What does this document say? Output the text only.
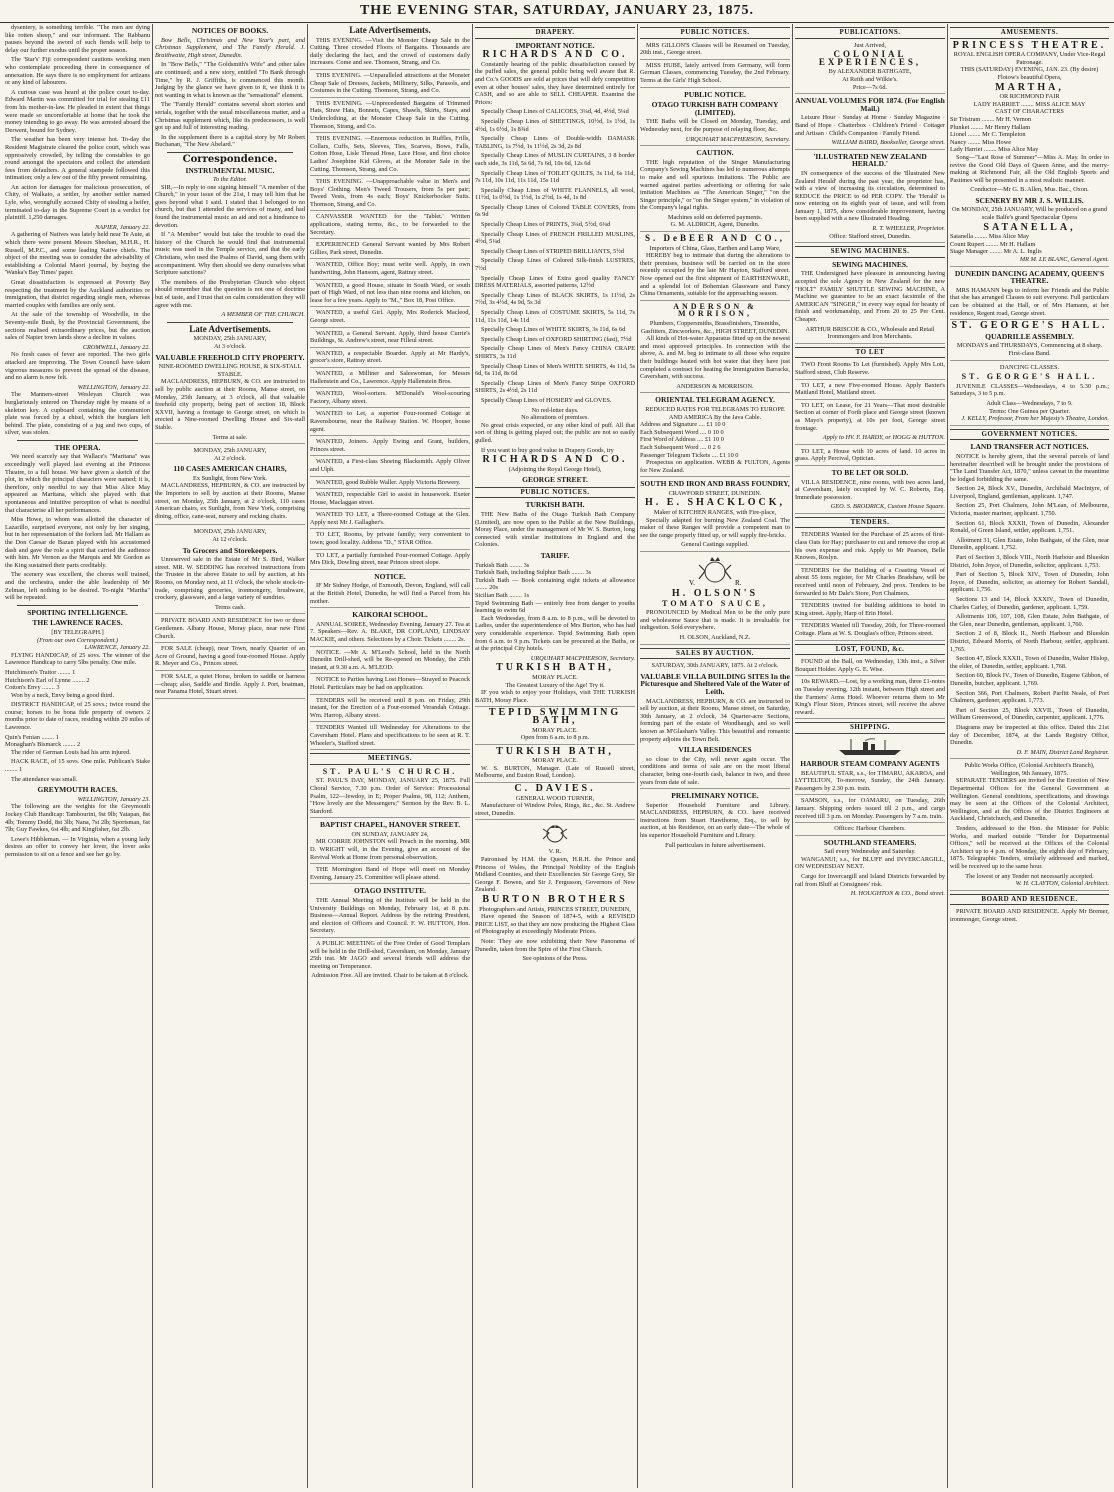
THE EVENING STAR, SATURDAY, JANUARY 23, 1875.

dysentery, is something terrible. "The men are dying like rotten sheep," and our informant. The Rabbanu pauses beyond the sword of such fiends will help to delay our further exodus until the proper season.

The 'Star's' Fiji correspondent cautions working men who contemplate proceeding there in consequence of annexation. He says there is no employment for artizans or any kind of labourers.

A curious case was heard at the police court to-day. Edward Martin was committed for trial for stealing £11 from his mother-in-law. He pleaded in extent that things were made so uncomfortable at home that he took the money intending to go away. He was arrested aboard the Derwent, bound for Sydney.

The weather has been very intense hot. To-day the Resident Magistrate cleared the police court, which was oppressively crowded, by telling the constables to go round amongst the spectators and collect the attendant fees from defaulters. A general stampede followed this intimation; only a few out of the fifty present remaining.

An action for damages for malicious prosecution, of Chity, of Walkato, a settler, by another settler named Lyle, who, wrongfully accused Chity of stealing a heifer, terminated to-day in the Supreme Court in a verdict for plaintiff. 1,250 damages.

NAPIER, January 22.

A gathering of Natives was lately held near Te Aute, at which there were present Messrs Sheehan, M.H.R., H. Russell, M.P.C., and some leading Native chiefs. The object of the meeting was to consider the advisability of establishing a Colonial Maori journal, by buying the 'Wanka's Bay Times' paper.

Great dissatisfaction is expressed at Poverty Bay respecting the treatment by the Auckland authorities re immigration, that district regarding single men, whereas married couples with families are only sent.

At the sale of the township of Woodville, in the Seventy-mile Bush, by the Provincial Government, the sections realised extraordinary prices, but the auction sales of Napier town lands show a decline in values.

CROMWELL, January 22.

No fresh cases of fever are reported. The two girls attacked are improving. The Town Council have taken vigorous measures to prevent the spread of the disease, and no alarm is now felt.

WELLINGTON, January 22.

The Manners-street Wesleyan Church was burglariously entered on Thursday night by means of a skeleton key. A cupboard containing the communion plate was forced by a chisel, which the burglars left behind. The plate, consisting of a jug and two cups, of silver, was stolen.

THE OPERA.

We need scarcely say that Wallace's "Maritana" was exceedingly well played last evening at the Princess Theatre, to a full house. We have given a sketch of the plot, in which the principal characters were named; it is, therefore, only needful to say that Miss Alice May appeared as Maritana, which she played with that spontaneous and intuitive perception of what is needful that characterise all her performances.

Miss Howe, to whom was allotted the character of Lazarillo, surprised everyone, not only by her singing, but in her representation of the forlorn lad. Mr Hallam as the Don Caesar de Bazan played with his accustomed dash and gave the role a spirit that carried the audience with him. Mr Vernon as the Marquis and Mr Gordon as the King sustained their parts creditably.

The scenery was excellent, the chorus well trained, and the orchestra, under the able leadership of Mr Zelman, left nothing to be desired. To-night "Martha" will be repeated.

SPORTING INTELLIGENCE.
THE LAWRENCE RACES.
[BY TELEGRAPH.]
(From our own Correspondent.)
LAWRENCE, January 22.

FLYING HANDICAP, of 25 sovs. The winner of the Lawrence Handicap to carry 5lbs penalty. One mile.

Hutchinson's Traitor ........ 1
Hutchison's Earl of Lynne ........ 2
Cotton's Envy ........ 3

Won by a neck, Envy being a good third.

DISTRICT HANDICAP, of 25 sovs.; twice round the course; horses to be bona fide property of owners 2 months prior to date of races, residing within 20 miles of Lawrence.

Quin's Fenian ........ 1
Monaghan's Bismarck ........ 2

The rider of German Louis had his arm injured.

HACK RACE, of 15 sovs. One mile. Publican's Stake ........ 1

The attendance was small.

GREYMOUTH RACES.
WELLINGTON, January 23.

The following are the weights for the Greymouth Jockey Club Handicap: Tambourini, 9st 9lb; Yatapan, 8st 4lb; Tommy Dodd, 8st 3lb; Nana, 7st 2lb; Sportsman, 6st 7lb; Guy Fawkes, 6st 4lb; and Kingfisher, 6st 2lb.

Lowe's Hibbleman. — In Virginia, when a young lady desires an offer to convey her lover, the lover asks permission to sit on a fence and see her go by.

NOTICES OF BOOKS.

Bow Bells, Christmas and New Year's part, and Christmas Supplement, and The Family Herald. J. Braithwaite, High street, Dunedin.

In "Bow Bells," "The Goldsmith's Wife" and other tales are continued; and a new story, entitled "To Bank through Time," by R. J. Griffiths, is commenced this month. Judging by the glance we have given to it, we think it is not wanting in what is known as the "sensational" element.

The "Family Herald" contains several short stories and serials, together with the usual miscellaneous matter, and a Christmas supplement which, like its predecessors, is well got up and full of interesting reading.

In the supplement there is a capital story by Mr Robert Buchanan, "The New Abelard."

Correspondence.
INSTRUMENTAL MUSIC.
To the Editor.

SIR,—In reply to one signing himself "A member of the Church," in your issue of the 21st, I may tell him that he goes beyond what I said. I stated that I belonged to no church, but that I attended the services of many, and had found the instrumental music an aid and not a hindrance to devotion.

If "A Member" would but take the trouble to read the history of the Church he would find that instrumental music was used in the Temple service, and that the early Christians, who used the Psalms of David, sang them with accompaniment. Why then should we deny ourselves what Scripture sanctions?

The members of the Presbyterian Church who object should remember that the question is not one of doctrine but of taste, and I trust that on calm consideration they will agree with me.

A MEMBER OF THE CHURCH.
Late Advertisements.
MONDAY, 25th JANUARY,
At 3 o'clock.
VALUABLE FREEHOLD CITY PROPERTY.
NINE-ROOMED DWELLING HOUSE, & SIX-STALL STABLE.

MACLANDRESS, HEPBURN, & CO. are instructed to sell by public auction at their Rooms, Manse street, on Monday, 25th January, at 3 o'clock, all that valuable freehold city property, being part of section 18, Block XXVII, having a frontage to George street, on which is erected a Nine-roomed Dwelling House and Six-stall Stable.

Terms at sale.
MONDAY, 25th JANUARY,
At 2 o'clock.
110 CASES AMERICAN CHAIRS,
Ex Sunlight, from New York.

MACLANDRESS, HEPBURN, & CO. are instructed by the Importers to sell by auction at their Rooms, Manse street, on Monday, 25th January, at 2 o'clock, 110 cases American chairs, ex Sunlight, from New York, comprising dining, office, cane-seat, nursery and rocking chairs.

MONDAY, 25th JANUARY,
At 12 o'clock.
To Grocers and Storekeepers.

Unreserved sale in the Estate of Mr S. Bird, Walker street. MR. W. SEDDING has received instructions from the Trustee in the above Estate to sell by auction, at his Rooms, on Monday next, at 11 o'clock, the whole stock-in-trade, comprising groceries, ironmongery, brushware, crockery, glassware, and a large variety of sundries.

Terms cash.

PRIVATE BOARD AND RESIDENCE for two or three Gentlemen. Albany House, Moray place, near new First Church.

FOR SALE (cheap), near Town, nearly Quarter of an Acre of Ground, having a good four-roomed House. Apply R. Meyer and Co., Princes street.

FOR SALE, a quiet Horse, broken to saddle or harness—cheap; also, Saddle and Bridle. Apply J. Port, boatman, near Panama Hotel, Stuart street.

Late Advertisements.

THIS EVENING. —Visit the Monster Cheap Sale in the Cutting. Three crowded Floors of Bargains. Thousands are daily declaring the fact, and the crowd of customers daily increases. Come and see. Thomson, Strang, and Co.

THIS EVENING. —Unparalleled attractions at the Monster Cheap Sale of Dresses, Jackets, Millinery, Silks, Parasols, and Costumes in the Cutting. Thomson, Strang, and Co.

THIS EVENING. —Unprecedented Bargains of Trimmed Hats, Straw Hats, Bonnets, Capes, Shawls, Skirts, Stays, and Underclothing, at the Monster Cheap Sale in the Cutting. Thomson, Strang, and Co.

THIS EVENING. —Enormous reduction in Ruffles, Frills, Collars, Cuffs, Sets, Sleeves, Ties, Scarves, Bows, Falls, Cotton Hose, Lisle Thread Hose, Lace Hose, and first choice Ladies' Josephine Kid Gloves, at the Monster Sale in the Cutting. Thomson, Strang, and Co.

THIS EVENING. —Unapproachable value in Men's and Boys' Clothing. Men's Tweed Trousers, from 5s per pair; Tweed Vests, from 4s each; Boys' Knickerbocker Suits. Thomson, Strang, and Co.

CANVASSER WANTED for the 'Tablet.' Written applications, stating terms, &c., to be forwarded to the Secretary.

EXPERIENCED General Servant wanted by Mrs Robert Gillies, Park street, Dunedin.

WANTED, Office Boy; must write well. Apply, in own handwriting, John Hansom, agent, Rattray street.

WANTED, a good House, situate in South Ward, or south part of High Ward, of not less than nine rooms and kitchen, on lease for a few years. Apply to "M.," Box 18, Post Office.

WANTED, a useful Girl. Apply, Mrs Roderick Macleod, George street.

WANTED, a General Servant. Apply, third house Currie's Buildings, St. Andrew's street, near Filleul street.

WANTED, a respectable Boarder. Apply at Mr Hardy's, grocer's store, Rattray street.

WANTED, a Milliner and Saleswoman, for Messrs Hallenstein and Co., Lawrence. Apply Hallenstein Bros.

WANTED, Wool-sorters. M'Donald's Wool-scouring Factory, Albany street.

WANTED to Let, a superior Four-roomed Cottage at Ravensbourne, near the Railway Station. W. Hooper, house agent.

WANTED, Joiners. Apply Ewing and Grant, builders, Princes street.

WANTED, a First-class Shoeing Blacksmith. Apply Oliver and Ulph.

WANTED, good Rubble Waller. Apply Victoria Brewery.

WANTED, respectable Girl to assist in housework. Exeter House, Maclaggan street.

WANTED TO LET, a Three-roomed Cottage at the Glen. Apply next Mr J. Gallagher's.

TO LET, Rooms, by private family; very convenient to town; good locality. Address "D.," STAR Office.

TO LET, a partially furnished Four-roomed Cottage. Apply Mrs Dick, Dowling street, near Princes street slope.

NOTICE.

IF Mr Sidney Hodge, of Exmouth, Devon, England, will call at the British Hotel, Dunedin, he will find a Parcel from his mother.

KAIKORAI SCHOOL.

ANNUAL SOIREE, Wednesday Evening, January 27. Tea at 7. Speakers—Rev. A. BLAKE, DR COPLAND, LINDSAY MACKIE, and others. Selections by a Choir. Tickets ........ 2s.

NOTICE. —Mr A. M'Leod's School, held in the North Dunedin Drill-shed, will be Re-opened on Monday, the 25th instant, at 9.30 a.m. A. M'LEOD.

NOTICE to Parties having Lost Horses—Strayed to Peacock Hotel. Particulars may be had on application.

TENDERS will be received until 8 p.m. on Friday, 29th instant, for the Erection of a Four-roomed Verandah Cottage. Wm. Harrop, Albany street.

TENDERS Wanted till Wednesday for Alterations to the Caversham Hotel. Plans and specifications to be seen at R. T. Wheeler's, Stafford street.

MEETINGS.
ST. PAUL'S CHURCH.

ST. PAUL'S DAY, MONDAY, JANUARY 25, 1875. Full Choral Service, 7.30 p.m. Order of Service: Processional Psalm, 122—Jewdoy, in E; Proper Psalms, 98, 112; Anthem, "How lovely are the Messengers;" Sermon by the Rev. B. L. Stanford.

BAPTIST CHAPEL, HANOVER STREET.
ON SUNDAY, JANUARY 24,

MR CORRIE JOHNSTON will Preach in the morning. MR D. WRIGHT will, in the Evening, give an account of the Revival Work at Home from personal observation.

THE Mornington Band of Hope will meet on Monday Evening, January 25. Committee will please attend.

OTAGO INSTITUTE.

THE Annual Meeting of the Institute will be held in the University Buildings on Monday, February 1st, at 8 p.m. Business—Annual Report. Address by the retiring President, and election of Officers and Council. F. W. HUTTON, Hon. Secretary.

A PUBLIC MEETING of the Free Order of Good Templars will be held in the Drill-shed, Caversham, on Monday, January 25th inst. Mr JAGO and several friends will address the meeting on Temperance.

Admission Free. All are invited. Chair to be taken at 8 o'clock.
DRAPERY.
IMPORTANT NOTICE.
RICHARDS AND CO.

Constantly hearing of the public dissatisfaction caused by the puffed sales, the general public being well aware that R. and Co.'s GOODS are sold at prices that will defy competition even at other houses' sales, they have determined entirely for CASH, and so are able to SELL CHEAPER. Examine the Prices:

Specially Cheap Lines of CALICOES, 3¼d, 4d, 4½d, 5¼d

Specially Cheap Lines of SHEETINGS, 10½d, 1s 1½d, 1s 4½d, 1s 6½d, 1s 8¾d

Specially Cheap Lines of Double-width DAMASK TABLING, 1s 7½d, 1s 11½d, 2s 3d, 2s 8d

Specially Cheap Lines of MUSLIN CURTAINS, 3 8 border each side, 3s 11d, 5s 6d, 7s 6d, 10s 6d, 12s 6d

Specially Cheap Lines of TOILET QUILTS, 3s 11d, 6s 11d, 7s 11d, 10s 11d, 11s 11d, 15s 11d

Specially Cheap Lines of WHITE FLANNELS, all wool, 11½d, 1s 0½d, 1s 1½d, 1s 2½d, 1s 4d, 1s 8d

Specially Cheap Lines of Colored TABLE COVERS, from 6s 9d

Specially Cheap Lines of PRINTS, 3¼d, 5½d, 6¼d

Specially Cheap Lines of FRENCH FRILLED MUSLINS, 4½d, 5¼d

Specially Cheap Lines of STRIPED BRILLIANTS, 5½d

Specially Cheap Lines of Colored Silk-finish LUSTRES, 7½d

Specially Cheap Lines of Extra good quality FANCY DRESS MATERIALS, assorted patterns, 12½d

Specially Cheap Lines of BLACK SKIRTS, 1s 11½d, 2s 7½d, 3s 4½d, 4s 9d, 5s 3d

Specially Cheap Lines of COSTUME SKIRTS, 5s 11d, 7s 11d, 11s 11d, 14s 11d

Specially Cheap Lines of WHITE SKIRTS, 3s 11d, 6s 6d

Specially Cheap Lines of OXFORD SHIRTING (fast), 7½d

Specially Cheap Lines of Men's Fancy CHINA CRAPE SHIRTS, 3s 11d

Specially Cheap Lines of Men's WHITE SHIRTS, 4s 11d, 5s 6d, 6s 11d, 8s 6d

Specially Cheap Lines of Men's Fancy Stripe OXFORD SHIRTS, 2s 4½d, 2s 11d

Specially Cheap Lines of HOSIERY and GLOVES.

No red-letter days.
No alterations of premises.

No great crisis expected, or any other kind of puff. All that sort of thing is getting played out; the public are not so easily gulled.

If you want to buy good value in Drapery Goods, try

RICHARDS AND CO.
(Adjoining the Royal George Hotel),
GEORGE STREET.
PUBLIC NOTICES.
TURKISH BATH.

THE New Baths of the Otago Turkish Bath Company (Limited), are now open to the Public at the New Buildings, Moray Place, under the management of Mr W. S. Burton, long connected with similar institutions in England and the Colonies.

TARIFF.
Turkish Bath ........ 3s
Turkish Bath, including Sulphur Bath ........ 3s
Turkish Bath — Book containing eight tickets at allowance ........ 20s
Sicilian Bath ........ 1s
Tepid Swimming Bath — entirely free from danger to youths learning to swim 6d

Each Wednesday, from 8 a.m. to 8 p.m., will be devoted to Ladies, under the superintendence of Mrs Burton, who has had very considerable experience. Tepid Swimming Bath open from 6 a.m. to 9 p.m. Tickets can be procured at the Baths, or at the principal City hotels.

URQUHART MACPHERSON, Secretary.
TURKISH BATH,
MORAY PLACE.
The Greatest Luxury of the Age! Try it.

IF you wish to enjoy your Holidays, visit THE TURKISH BATH, Moray Place.

TEPID SWIMMING BATH,
MORAY PLACE.
Open from 6 a.m. to 8 p.m.
TURKISH BATH,
MORAY PLACE.

W. S. BURTON, Manager. (Late of Russell street, Melbourne, and Euston Road, London).

C. DAVIES.
GENERAL WOOD TURNER,

Manufacturer of Window Poles, Rings, &c., &c. St. Andrew street, Dunedin.

V. R.

Patronised by H.M. the Queen, H.R.H. the Prince and Princess of Wales, the Principal Nobility of the English Midland Counties, and their Excellencies Sir George Grey, Sir George F. Bowen, and Sir J. Fergusson, Governors of New Zealand.

BURTON BROTHERS
Photographers and Artists, PRINCES STREET, DUNEDIN,

Have opened the Season of 1874-5, with a REVISED PRICE LIST, so that they are now producing the Highest Class of Photography at exceedingly Moderate Prices.

Note: They are now exhibiting their New Panorama of Dunedin, taken from the Spire of the First Church.

See opinions of the Press.
PUBLIC NOTICES.

MRS GILLON'S Classes will be Resumed on Tuesday, 20th inst., George street.

MISS HUBE, lately arrived from Germany, will form German Classes, commencing Tuesday, the 2nd February. Terms at the Girls' High School.

PUBLIC NOTICE.
OTAGO TURKISH BATH COMPANY (LIMITED).

THE Baths will be Closed on Monday, Tuesday, and Wednesday next, for the purpose of relaying floor, &c.

URQUHART MACPHERSON, Secretary.
CAUTION.

THE high reputation of the Singer Manufacturing Company's Sewing Machines has led to numerous attempts to make and sell spurious imitations. The Public are warned against parties advertising or offering for sale imitation Machines as "The American Singer," "on the Singer principle," or "on the Singer system," in violation of the Company's legal rights.

Machines sold on deferred payments.
G. M. ALDRICH, Agent, Dunedin.
S. DeBEER AND CO.,
Importers of China, Glass, Earthen and Lamp Ware,

HEREBY beg to intimate that during the alterations to their premises, business will be carried on in the store recently occupied by the late Mr Hayton, Stafford street. Now opened out the first shipment of EARTHENWARE, and a splendid lot of Bohemian Glassware and Fancy China Ornaments, suitable for the approaching season.

ANDERSON & MORRISON,
Plumbers, Coppersmiths, Brassfinishers, Tinsmiths, Gasfitters, Zincworkers, &c., HIGH STREET, DUNEDIN.

All kinds of Hot-water Apparatus fitted up on the newest and most approved principles. In connection with the above, A. and M. beg to intimate to all those who require their buildings heated with hot water that they have just completed a contract for heating the Immigration Barracks, Caversham, with success.

ANDERSON & MORRISON.
ORIENTAL TELEGRAM AGENCY.
REDUCED RATES FOR TELEGRAMS TO EUROPE AND AMERICA By the Java Cable.
Address and Signature .... £1 10 0
Each Subsequent Word .... 0 10 0
First Word of Address .... £1 10 0
Each Subsequent Word .... 0 2 6
Passenger Telegram Tickets .... £1 10 0

Prospectus on application. WEBB & FULTON, Agents for New Zealand.

SOUTH END IRON AND BRASS FOUNDRY,
CRAWFORD STREET, DUNEDIN.
H. E. SHACKLOCK,
Maker of KITCHEN RANGES, with Fire-place,

Specially adapted for burning New Zealand Coal. The maker of these Ranges will provide a competent man to see the range properly fitted up, or will supply fire-bricks.

General Castings supplied.
V.	R.
H. OLSON'S
TOMATO SAUCE,

PRONOUNCED by Medical Men to be the only pure and wholesome Sauce that is made. It is invaluable for indigestion. Sold everywhere.

H. OLSON, Auckland, N.Z.
SALES BY AUCTION.
SATURDAY, 30th JANUARY, 1875. At 2 o'clock.
VALUABLE VILLA BUILDING SITES In the Picturesque and Sheltered Vale of the Water of Leith.

MACLANDRESS, HEPBURN, & CO. are instructed to sell by auction, at their Rooms, Manse street, on Saturday, 30th January, at 2 o'clock, 34 Quarter-acre Sections, forming part of the estate of Woodhaugh, and so well known as M'Glashan's Valley. This beautiful and romantic property adjoins the Town Belt.

VILLA RESIDENCES

so close to the City, will never again occur. The conditions and terms of sale are on the most liberal character, being one-fourth cash, balance in two, and three years from date of sale.

PRELIMINARY NOTICE.

Superior Household Furniture and Library. MACLANDRESS, HEPBURN, & CO. have received instructions from Stuart Hawthorne, Esq., to sell by auction, at his Residence, on an early date—The whole of his superior Household Furniture and Library.

Full particulars in future advertisement.
PUBLICATIONS.
Just Arrived,
COLONIAL EXPERIENCES,
By ALEXANDER BATHGATE,
At Reith and Wilkie's.
Price—7s 6d.
ANNUAL VOLUMES FOR 1874. (For English Mail.)

Leisure Hour · Sunday at Home · Sunday Magazine · Band of Hope · Chatterbox · Children's Friend · Cottager and Artisan · Child's Companion · Family Friend.

WILLIAM BAIRD, Bookseller, George street.
'ILLUSTRATED NEW ZEALAND HERALD.'

IN consequence of the success of the 'Illustrated New Zealand Herald' during the past year, the proprietor has, with a view of increasing its circulation, determined to REDUCE the PRICE to 6d PER COPY. The 'Herald' is now entering on its eighth year of issue, and will from January 1, 1875, show considerable improvement, having been supplied with a new Illustrated Heading.

R. T. WHEELER, Proprietor.
Office: Stafford street, Dunedin.
SEWING MACHINES.
SEWING MACHINES.

THE Undersigned have pleasure in announcing having accepted the sole Agency in New Zealand for the new "HOLT" FAMILY SHUTTLE SEWING MACHINE, A Machine we guarantee to be an exact facsimile of the AMERICAN "SINGER," in every way equal for beauty of finish and workmanship, and From 20 to 25 Per Cent. Cheaper.

ARTHUR BRISCOE & CO., Wholesale and Retail Ironmongers and Iron Merchants.
TO LET

TWO Front Rooms To Let (furnished). Apply Mrs Lott, Stafford street, Club Reserve.

TO LET, a new Five-roomed House. Apply Baxter's Maitland Hotel, Maitland street.

TO LET, on Lease, for 21 Years—That most desirable Section at corner of Forth place and George street (known as Mayo's property), at 10s per foot, George street frontage.

Apply to HV. F. HARDY, or HOGG & HUTTON.

TO LET, a House with 10 acres of land. 10 acres in grass. Apply Percival, Optician.

TO BE LET OR SOLD.

VILLA RESIDENCE, nine rooms, with two acres land, at Caversham, lately occupied by W. C. Roberts, Esq. Immediate possession.

GEO. S. BRODRICK, Custom House Square.
TENDERS.

TENDERS Wanted for the Purchase of 25 acres of first-class Oats for Hay; purchaser to cut and remove the crop at his own expense and risk. Apply to Mr Pearson, Belle Knowes, Roslyn.

TENDERS for the Building of a Coasting Vessel of about 55 tons register, for Mr Charles Bradshaw, will be received until noon of February, 2nd prox. Tenders to be forwarded to Mr Dale's Store, Port Chalmers.

TENDERS invited for building additions to hotel in King street. Apply, Harp of Erin Hotel.

TENDERS Wanted till Tuesday, 26th, for Three-roomed Cottage. Plans at W. S. Douglas's office, Princes street.

LOST, FOUND, &c.

FOUND at the Ball, on Wednesday, 13th inst., a Silver Bouquet Holder. Apply G. E. Wise.

10s REWARD.—Lost, by a working man, three £1-notes on Tuesday evening, 12th instant, between High street and the Farmers' Arms Hotel. Whoever returns them to Mr King's Flour Store, Princes street, will receive the above reward.

SHIPPING.
HARBOUR STEAM COMPANY AGENTS

BEAUTIFUL STAR, s.s., for TIMARU, AKAROA, and LYTTELTON, To-morrow, Sunday, the 24th January. Passengers by 2.30 p.m. train.

SAMSON, s.s., for OAMARU, on Tuesday, 26th January. Shipping orders issued till 2 p.m., and cargo received till 3 p.m. on Monday. Passengers by 7 a.m. train.

Offices: Harbour Chambers.
SOUTHLAND STEAMERS.
Sail every Wednesday and Saturday.

WANGANUI, s.s., for BLUFF and INVERCARGILL, ON WEDNESDAY NEXT.

Cargo for Invercargill and Island Districts forwarded by rail from Bluff at Consignees' risk.

H. HOUGHTON & CO., Bond street.
AMUSEMENTS.
PRINCESS THEATRE.
ROYAL ENGLISH OPERA COMPANY, Under Vice-Regal Patronage.
THIS (SATURDAY) EVENING, JAN. 23. (By desire) Flotow's beautiful Opera,
MARTHA,
OR RICHMOND FAIR
LADY HARRIET ........ MISS ALICE MAY
CAST OF CHARACTERS
Sir Tristram ........ Mr H. Vernon
Plunket ........ Mr Henry Hallam
Lionel ........ Mr C. Templeton
Nancy ........ Miss Howe
Lady Harriet ........ Miss Alice May

Song—"Last Rose of Summer"—Miss A. May. In order to revive the Good Old Days of Queen Anne, and the merry-making at Richmond Fair, all the Old English Sports and Pastimes will be presented in a most realistic manner.

Conductor—Mr G. B. Allen, Mus. Bac., Oxon.
SCENERY BY MR J. S. WILLIS.
On MONDAY, 25th JANUARY, Will be produced on a grand scale Balfe's grand Spectacular Opera
SATANELLA,
Satanella ........ Miss Alice May
Count Rupert ........ Mr H. Hallam
Stage Manager ........ Mr A. L. Inglis
MR M. LE BLANC, General Agent.
DUNEDIN DANCING ACADEMY, QUEEN'S THEATRE.

MRS HAMANN begs to inform her Friends and the Public that she has arranged Classes to suit everyone. Full particulars can be obtained at the Hall, or of Mrs Hamann, at her residence, Regent road, George street.

ST. GEORGE'S HALL.
QUADRILLE ASSEMBLY.
MONDAYS and THURSDAYS, Commencing at 8 sharp.
First-class Band.
DANCING CLASSES.
ST. GEORGE'S HALL.

JUVENILE CLASSES—Wednesdays, 4 to 5.30 p.m.; Saturdays, 3 to 5 p.m.

Adult Class—Wednesdays, 7 to 9.
Terms: One Guinea per Quarter.
J. KELLY, Professor, From her Majesty's Theatre, London.
GOVERNMENT NOTICES.
LAND TRANSFER ACT NOTICES.

NOTICE is hereby given, that the several parcels of land hereinafter described will be brought under the provisions of "The Land Transfer Act, 1870," unless caveat in the meantime be lodged forbidding the same.

Section 24, Block XV., Dunedin, Archibald MacIntyre, of Liverpool, England, gentleman, applicant. 1,747.

Section 25, Port Chalmers, John M'Lean, of Melbourne, Victoria, master mariner, applicant. 1,750.

Section 61, Block XXXII, Town of Dunedin, Alexander Ronald, of Green Island, settler, applicant. 1,751.

Allotment 31, Glen Estate, John Bathgate, of the Glen, near Dunedin, applicant. 1,752.

Part of Section 3, Block VIII., North Harbour and Blueskin District, John Joyce, of Dunedin, solicitor, applicant. 1,753.

Part of Section 5, Block XIV., Town of Dunedin, John Joyce, of Dunedin, solicitor, as attorney for Robert Sandall, applicant. 1,756.

Sections 13 and 14, Block XXXIV., Town of Dunedin, Charles Carley, of Dunedin, gardener, applicant. 1,759.

Allotments 106, 107, 108, Glen Estate, John Bathgate, of the Glen, near Dunedin, gentleman, applicant. 1,760.

Section 2 of 8, Block II., North Harbour and Blueskin District, Edward Morris, of North Harbour, settler, applicant. 1,765.

Section 47, Block XXXII., Town of Dunedin, Walter Hislop, the elder, of Dunedin, settler, applicant. 1,768.

Section 60, Block IV., Town of Dunedin, Eugene Gibbon, of Dunedin, butcher, applicant. 1,769.

Section 366, Port Chalmers, Robert Parfitt Neale, of Port Chalmers, gardener, applicant. 1,773.

Part of Section 25, Block XXVII., Town of Dunedin, William Greenwood, of Dunedin, carpenter, applicant. 1,776.

Diagrams may be inspected at this office. Dated this 21st day of December, 1874, at the Lands Registry Office, Dunedin.

D. F. MAIN, District Land Registrar.
Public Works Office, (Colonial Architect's Branch), Wellington, 9th January, 1875.

SEPARATE TENDERS are invited for the Erection of New Departmental Offices for the General Government at Wellington. General conditions, specifications, and drawings may be seen at the Offices of the Colonial Architect, Wellington, and at the Offices of the District Engineers at Auckland, Christchurch, and Dunedin.

Tenders, addressed to the Hon. the Minister for Public Works, and marked outside "Tender for Departmental Offices," will be received at the Offices of the Colonial Architect up to 4 p.m. of Monday, the eighth day of February, 1875. Telegraphic Tenders, similarly addressed and marked, will be received up to the same hour.

The lowest or any Tender not necessarily accepted.
W. H. CLAYTON, Colonial Architect.
BOARD AND RESIDENCE.

PRIVATE BOARD AND RESIDENCE. Apply Mr Bremer, ironmonger, George street.
